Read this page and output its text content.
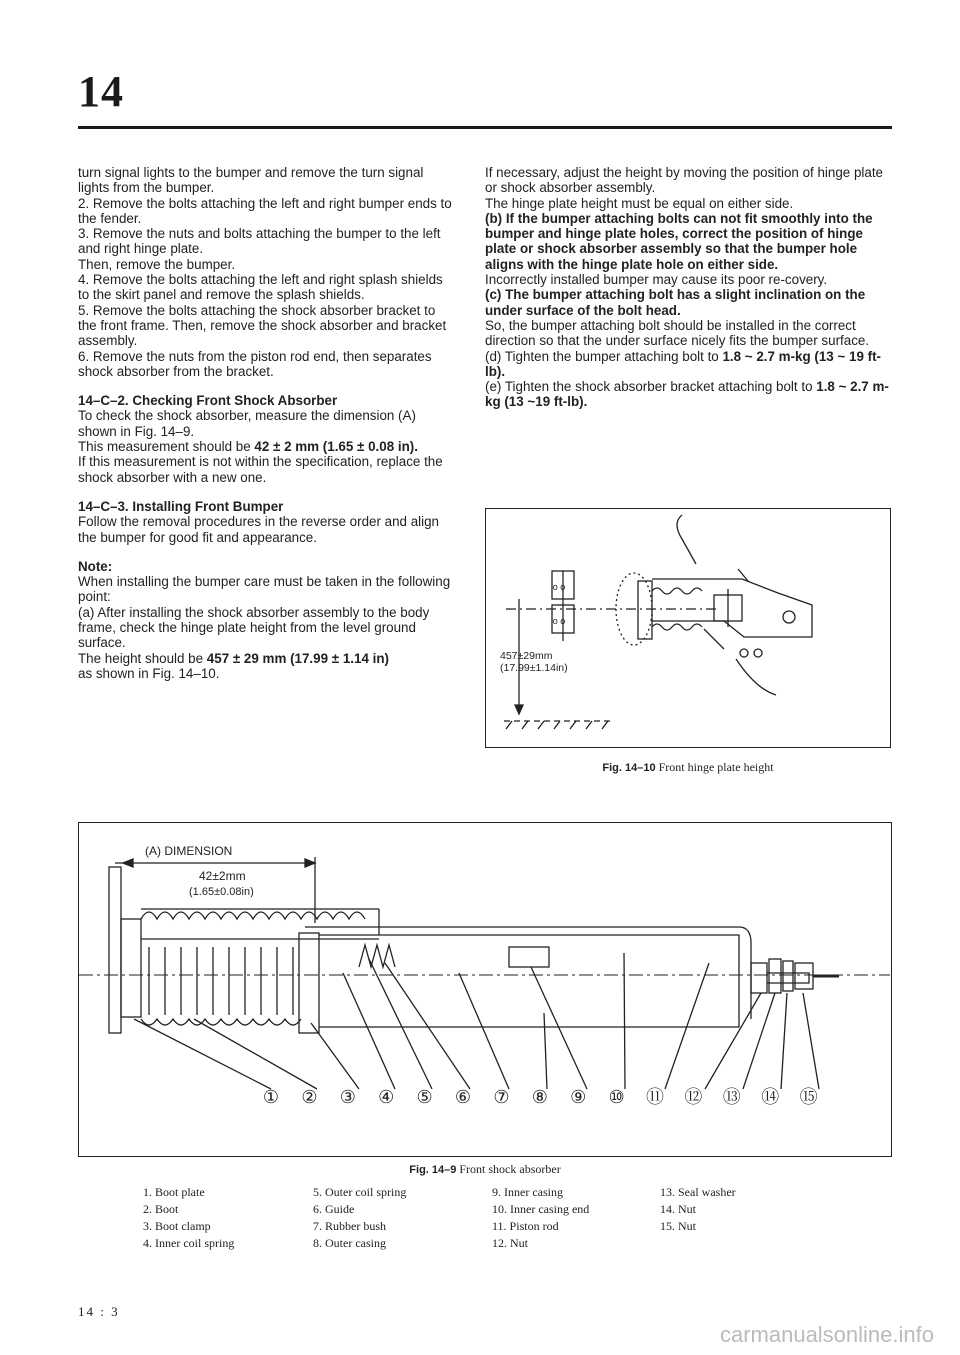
14

turn signal lights to the bumper and remove the turn signal lights from the bumper.

2. Remove the bolts attaching the left and right bumper ends to the fender.

3. Remove the nuts and bolts attaching the bumper to the left and right hinge plate.

Then, remove the bumper.

4. Remove the bolts attaching the left and right splash shields to the skirt panel and remove the splash shields.

5. Remove the bolts attaching the shock absorber bracket to the front frame. Then, remove the shock absorber and bracket assembly.

6. Remove the nuts from the piston rod end, then separates shock absorber from the bracket.

14–C–2. Checking Front Shock Absorber

To check the shock absorber, measure the dimension (A) shown in Fig. 14–9.

This measurement should be 42 ± 2 mm (1.65 ± 0.08 in).

If this measurement is not within the specification, replace the shock absorber with a new one.

14–C–3. Installing Front Bumper

Follow the removal procedures in the reverse order and align the bumper for good fit and appearance.

Note:

When installing the bumper care must be taken in the following point:

(a) After installing the shock absorber assembly to the body frame, check the hinge plate height from the level ground surface.

The height should be 457 ± 29 mm (17.99 ± 1.14 in)

as shown in Fig. 14–10.

If necessary, adjust the height by moving the position of hinge plate or shock absorber assembly.

The hinge plate height must be equal on either side.

(b) If the bumper attaching bolts can not fit smoothly into the bumper and hinge plate holes, correct the position of hinge plate or shock absorber assembly so that the bumper hole aligns with the hinge plate hole on either side.

Incorrectly installed bumper may cause its poor re-covery.

(c) The bumper attaching bolt has a slight inclination on the under surface of the bolt head.

So, the bumper attaching bolt should be installed in the correct direction so that the under surface nicely fits the bumper surface.

(d) Tighten the bumper attaching bolt to 1.8 ~ 2.7 m-kg (13 ~ 19 ft-lb).

(e) Tighten the shock absorber bracket attaching bolt to 1.8 ~ 2.7 m-kg (13 ~19 ft-lb).

o o
o o
457±29mm
(17.99±1.14in)
Fig. 14–10 Front hinge plate height
(A) DIMENSION
42±2mm
(1.65±0.08in)
① ② ③ ④ ⑤ ⑥ ⑦ ⑧ ⑨ ⑩ ⑪ ⑫ ⑬ ⑭ ⑮
Fig. 14–9 Front shock absorber
1. Boot plate
2. Boot
3. Boot clamp
4. Inner coil spring
5. Outer coil spring
6. Guide
7. Rubber bush
8. Outer casing
9. Inner casing
10. Inner casing end
11. Piston rod
12. Nut
13. Seal washer
14. Nut
15. Nut
14 : 3
carmanualsonline.info
